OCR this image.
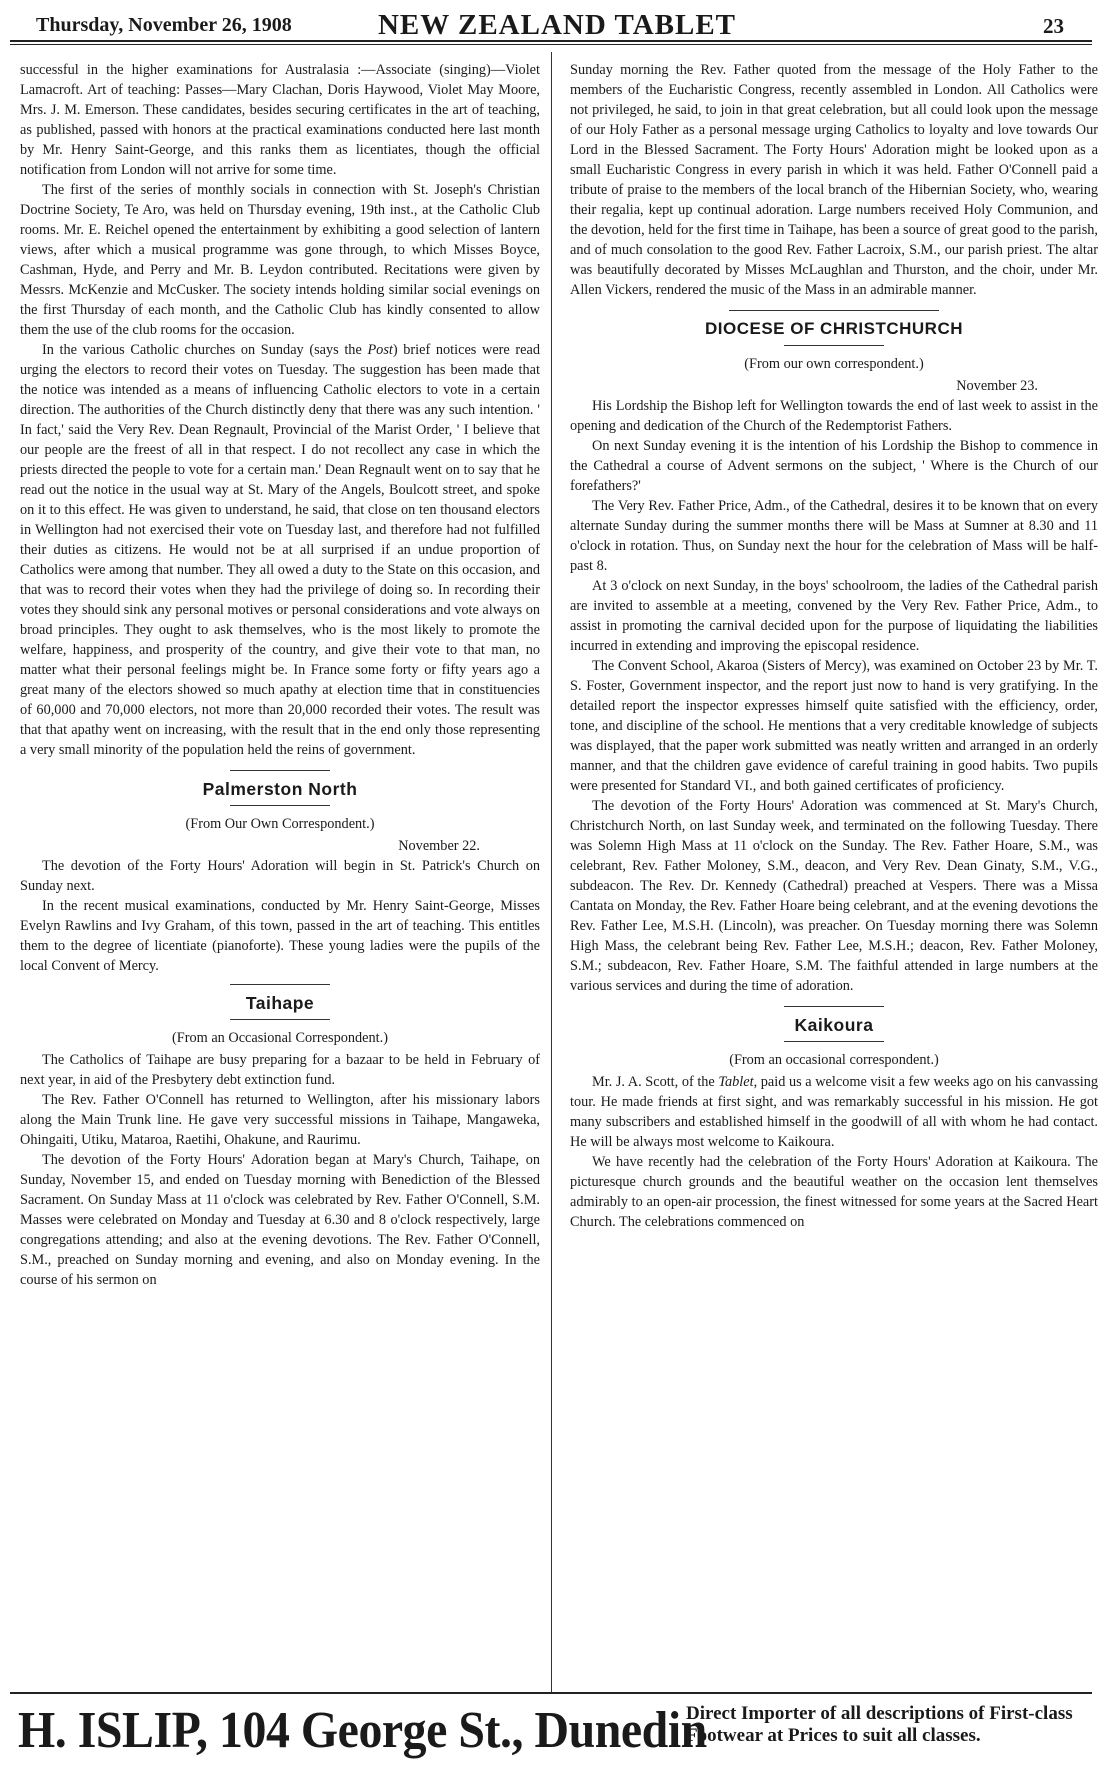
Thursday, November 26, 1908	NEW ZEALAND TABLET	23

successful in the higher examinations for Australasia :—Associate (singing)—Violet Lamacroft. Art of teaching: Passes—Mary Clachan, Doris Haywood, Violet May Moore, Mrs. J. M. Emerson. These candidates, besides securing certificates in the art of teaching, as published, passed with honors at the practical examinations conducted here last month by Mr. Henry Saint-George, and this ranks them as licentiates, though the official notification from London will not arrive for some time.

The first of the series of monthly socials in connection with St. Joseph's Christian Doctrine Society, Te Aro, was held on Thursday evening, 19th inst., at the Catholic Club rooms. Mr. E. Reichel opened the entertainment by exhibiting a good selection of lantern views, after which a musical programme was gone through, to which Misses Boyce, Cashman, Hyde, and Perry and Mr. B. Leydon contributed. Recitations were given by Messrs. McKenzie and McCusker. The society intends holding similar social evenings on the first Thursday of each month, and the Catholic Club has kindly consented to allow them the use of the club rooms for the occasion.

In the various Catholic churches on Sunday (says the Post) brief notices were read urging the electors to record their votes on Tuesday. The suggestion has been made that the notice was intended as a means of influencing Catholic electors to vote in a certain direction. The authorities of the Church distinctly deny that there was any such intention. ' In fact,' said the Very Rev. Dean Regnault, Provincial of the Marist Order, ' I believe that our people are the freest of all in that respect. I do not recollect any case in which the priests directed the people to vote for a certain man.' Dean Regnault went on to say that he read out the notice in the usual way at St. Mary of the Angels, Boulcott street, and spoke on it to this effect. He was given to understand, he said, that close on ten thousand electors in Wellington had not exercised their vote on Tuesday last, and therefore had not fulfilled their duties as citizens. He would not be at all surprised if an undue proportion of Catholics were among that number. They all owed a duty to the State on this occasion, and that was to record their votes when they had the privilege of doing so. In recording their votes they should sink any personal motives or personal considerations and vote always on broad principles. They ought to ask themselves, who is the most likely to promote the welfare, happiness, and prosperity of the country, and give their vote to that man, no matter what their personal feelings might be. In France some forty or fifty years ago a great many of the electors showed so much apathy at election time that in constituencies of 60,000 and 70,000 electors, not more than 20,000 recorded their votes. The result was that that apathy went on increasing, with the result that in the end only those representing a very small minority of the population held the reins of government.

Palmerston North
(From Our Own Correspondent.)
November 22.

The devotion of the Forty Hours' Adoration will begin in St. Patrick's Church on Sunday next.

In the recent musical examinations, conducted by Mr. Henry Saint-George, Misses Evelyn Rawlins and Ivy Graham, of this town, passed in the art of teaching. This entitles them to the degree of licentiate (pianoforte). These young ladies were the pupils of the local Convent of Mercy.

Taihape
(From an Occasional Correspondent.)

The Catholics of Taihape are busy preparing for a bazaar to be held in February of next year, in aid of the Presbytery debt extinction fund.

The Rev. Father O'Connell has returned to Wellington, after his missionary labors along the Main Trunk line. He gave very successful missions in Taihape, Mangaweka, Ohingaiti, Utiku, Mataroa, Raetihi, Ohakune, and Raurimu.

The devotion of the Forty Hours' Adoration began at Mary's Church, Taihape, on Sunday, November 15, and ended on Tuesday morning with Benediction of the Blessed Sacrament. On Sunday Mass at 11 o'clock was celebrated by Rev. Father O'Connell, S.M. Masses were celebrated on Monday and Tuesday at 6.30 and 8 o'clock respectively, large congregations attending; and also at the evening devotions. The Rev. Father O'Connell, S.M., preached on Sunday morning and evening, and also on Monday evening. In the course of his sermon on

Sunday morning the Rev. Father quoted from the message of the Holy Father to the members of the Eucharistic Congress, recently assembled in London. All Catholics were not privileged, he said, to join in that great celebration, but all could look upon the message of our Holy Father as a personal message urging Catholics to loyalty and love towards Our Lord in the Blessed Sacrament. The Forty Hours' Adoration might be looked upon as a small Eucharistic Congress in every parish in which it was held. Father O'Connell paid a tribute of praise to the members of the local branch of the Hibernian Society, who, wearing their regalia, kept up continual adoration. Large numbers received Holy Communion, and the devotion, held for the first time in Taihape, has been a source of great good to the parish, and of much consolation to the good Rev. Father Lacroix, S.M., our parish priest. The altar was beautifully decorated by Misses McLaughlan and Thurston, and the choir, under Mr. Allen Vickers, rendered the music of the Mass in an admirable manner.

DIOCESE OF CHRISTCHURCH
(From our own correspondent.)
November 23.

His Lordship the Bishop left for Wellington towards the end of last week to assist in the opening and dedication of the Church of the Redemptorist Fathers.

On next Sunday evening it is the intention of his Lordship the Bishop to commence in the Cathedral a course of Advent sermons on the subject, ' Where is the Church of our forefathers?'

The Very Rev. Father Price, Adm., of the Cathedral, desires it to be known that on every alternate Sunday during the summer months there will be Mass at Sumner at 8.30 and 11 o'clock in rotation. Thus, on Sunday next the hour for the celebration of Mass will be half-past 8.

At 3 o'clock on next Sunday, in the boys' schoolroom, the ladies of the Cathedral parish are invited to assemble at a meeting, convened by the Very Rev. Father Price, Adm., to assist in promoting the carnival decided upon for the purpose of liquidating the liabilities incurred in extending and improving the episcopal residence.

The Convent School, Akaroa (Sisters of Mercy), was examined on October 23 by Mr. T. S. Foster, Government inspector, and the report just now to hand is very gratifying. In the detailed report the inspector expresses himself quite satisfied with the efficiency, order, tone, and discipline of the school. He mentions that a very creditable knowledge of subjects was displayed, that the paper work submitted was neatly written and arranged in an orderly manner, and that the children gave evidence of careful training in good habits. Two pupils were presented for Standard VI., and both gained certificates of proficiency.

The devotion of the Forty Hours' Adoration was commenced at St. Mary's Church, Christchurch North, on last Sunday week, and terminated on the following Tuesday. There was Solemn High Mass at 11 o'clock on the Sunday. The Rev. Father Hoare, S.M., was celebrant, Rev. Father Moloney, S.M., deacon, and Very Rev. Dean Ginaty, S.M., V.G., subdeacon. The Rev. Dr. Kennedy (Cathedral) preached at Vespers. There was a Missa Cantata on Monday, the Rev. Father Hoare being celebrant, and at the evening devotions the Rev. Father Lee, M.S.H. (Lincoln), was preacher. On Tuesday morning there was Solemn High Mass, the celebrant being Rev. Father Lee, M.S.H.; deacon, Rev. Father Moloney, S.M.; subdeacon, Rev. Father Hoare, S.M. The faithful attended in large numbers at the various services and during the time of adoration.

Kaikoura
(From an occasional correspondent.)

Mr. J. A. Scott, of the Tablet, paid us a welcome visit a few weeks ago on his canvassing tour. He made friends at first sight, and was remarkably successful in his mission. He got many subscribers and established himself in the goodwill of all with whom he had contact. He will be always most welcome to Kaikoura.

We have recently had the celebration of the Forty Hours' Adoration at Kaikoura. The picturesque church grounds and the beautiful weather on the occasion lent themselves admirably to an open-air procession, the finest witnessed for some years at the Sacred Heart Church. The celebrations commenced on

H. ISLIP, 104 George St., Dunedin
Direct Importer of all descriptions of First-class Footwear at Prices to suit all classes.
